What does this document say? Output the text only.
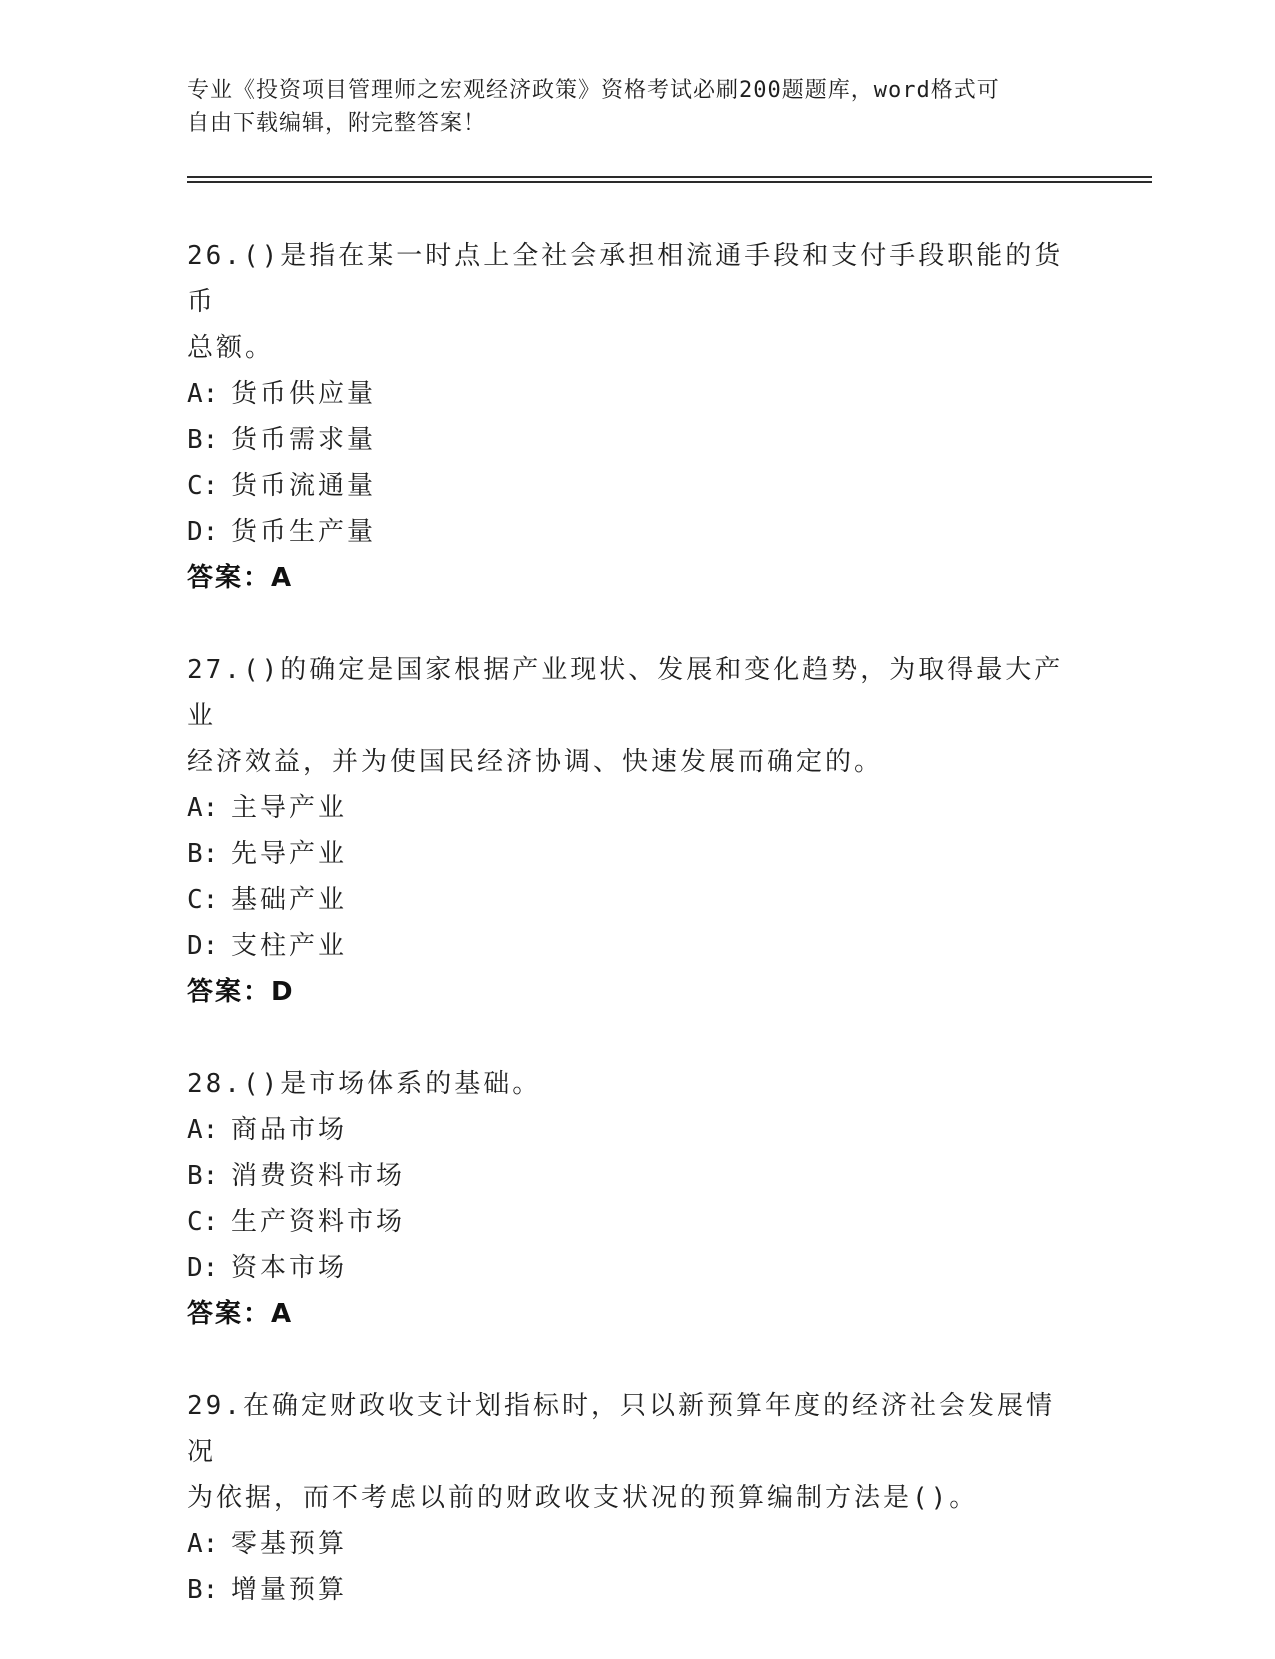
专业《投资项目管理师之宏观经济政策》资格考试必刷200题题库，word格式可
自由下载编辑，附完整答案！
26.()是指在某一时点上全社会承担相流通手段和支付手段职能的货币
总额。
A: 货币供应量
B: 货币需求量
C: 货币流通量
D: 货币生产量
答案：A
27.()的确定是国家根据产业现状、发展和变化趋势，为取得最大产业
经济效益，并为使国民经济协调、快速发展而确定的。
A: 主导产业
B: 先导产业
C: 基础产业
D: 支柱产业
答案：D
28.()是市场体系的基础。
A: 商品市场
B: 消费资料市场
C: 生产资料市场
D: 资本市场
答案：A
29.在确定财政收支计划指标时，只以新预算年度的经济社会发展情况
为依据，而不考虑以前的财政收支状况的预算编制方法是()。
A: 零基预算
B: 增量预算
